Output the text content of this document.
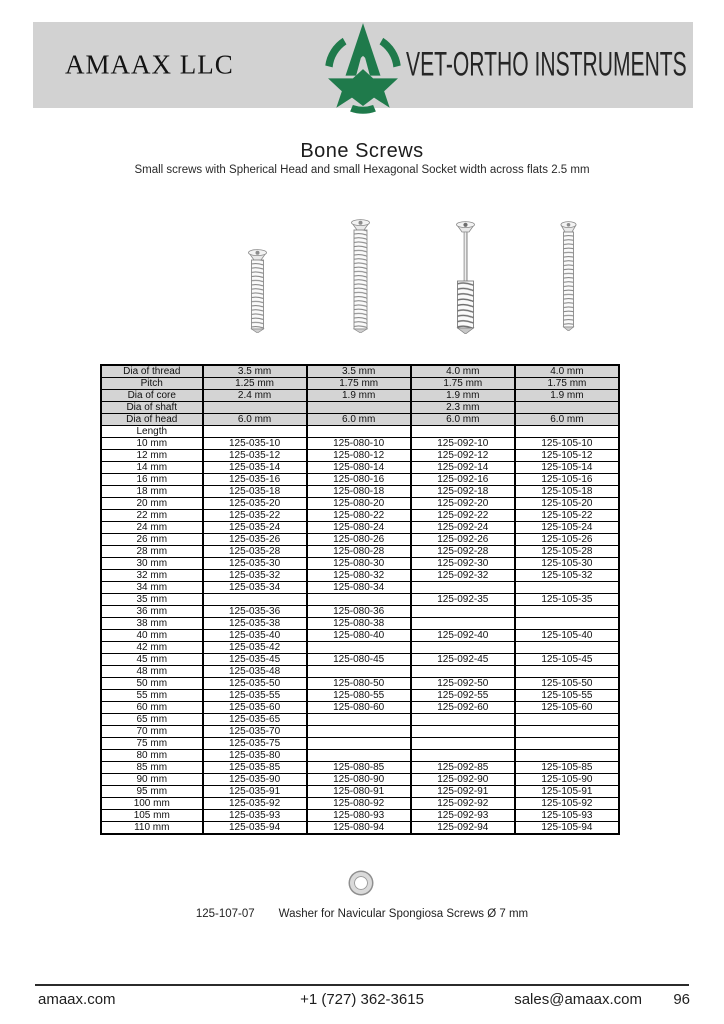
AMAAX LLC	VET-ORTHO INSTRUMENTS
Bone Screws
Small screws with Spherical Head and small Hexagonal Socket width across flats 2.5 mm
Dia of thread	3.5 mm	3.5 mm	4.0 mm	4.0 mm
Pitch	1.25 mm	1.75 mm	1.75 mm	1.75 mm
Dia of core	2.4 mm	1.9 mm	1.9 mm	1.9 mm
Dia of shaft			2.3 mm	
Dia of head	6.0 mm	6.0 mm	6.0 mm	6.0 mm
Length				
10 mm	125-035-10	125-080-10	125-092-10	125-105-10
12 mm	125-035-12	125-080-12	125-092-12	125-105-12
14 mm	125-035-14	125-080-14	125-092-14	125-105-14
16 mm	125-035-16	125-080-16	125-092-16	125-105-16
18 mm	125-035-18	125-080-18	125-092-18	125-105-18
20 mm	125-035-20	125-080-20	125-092-20	125-105-20
22 mm	125-035-22	125-080-22	125-092-22	125-105-22
24 mm	125-035-24	125-080-24	125-092-24	125-105-24
26 mm	125-035-26	125-080-26	125-092-26	125-105-26
28 mm	125-035-28	125-080-28	125-092-28	125-105-28
30 mm	125-035-30	125-080-30	125-092-30	125-105-30
32 mm	125-035-32	125-080-32	125-092-32	125-105-32
34 mm	125-035-34	125-080-34		
35 mm			125-092-35	125-105-35
36 mm	125-035-36	125-080-36		
38 mm	125-035-38	125-080-38		
40 mm	125-035-40	125-080-40	125-092-40	125-105-40
42 mm	125-035-42			
45 mm	125-035-45	125-080-45	125-092-45	125-105-45
48 mm	125-035-48			
50 mm	125-035-50	125-080-50	125-092-50	125-105-50
55 mm	125-035-55	125-080-55	125-092-55	125-105-55
60 mm	125-035-60	125-080-60	125-092-60	125-105-60
65 mm	125-035-65			
70 mm	125-035-70			
75 mm	125-035-75			
80 mm	125-035-80			
85 mm	125-035-85	125-080-85	125-092-85	125-105-85
90 mm	125-035-90	125-080-90	125-092-90	125-105-90
95 mm	125-035-91	125-080-91	125-092-91	125-105-91
100 mm	125-035-92	125-080-92	125-092-92	125-105-92
105 mm	125-035-93	125-080-93	125-092-93	125-105-93
110 mm	125-035-94	125-080-94	125-092-94	125-105-94
125-107-07 Washer for Navicular Spongiosa Screws Ø 7 mm
+1 (727) 362-3615
amaax.com	sales@amaax.com 96
